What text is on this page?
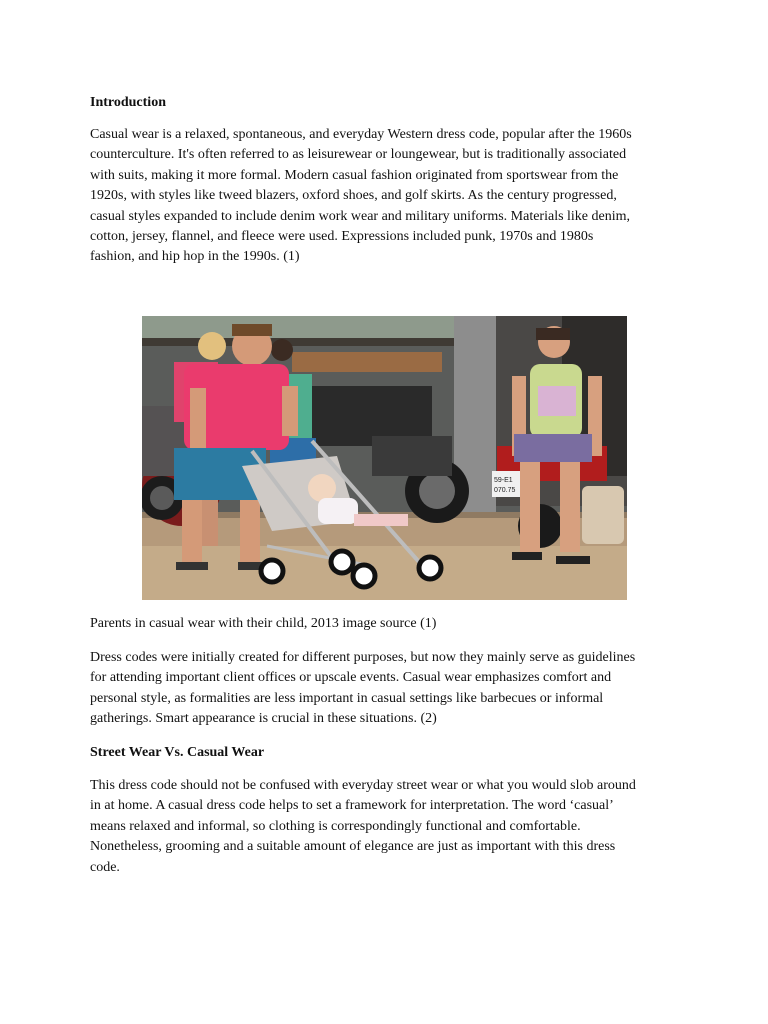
Introduction

Casual wear is a relaxed, spontaneous, and everyday Western dress code, popular after the 1960s
counterculture. It's often referred to as leisurewear or loungewear, but is traditionally associated
with suits, making it more formal. Modern casual fashion originated from sportswear from the
1920s, with styles like tweed blazers, oxford shoes, and golf skirts. As the century progressed,
casual styles expanded to include denim work wear and military uniforms. Materials like denim,
cotton, jersey, flannel, and fleece were used. Expressions included punk, 1970s and 1980s
fashion, and hip hop in the 1990s. (1)

59-E1
070.75

Parents in casual wear with their child, 2013 image source (1)

Dress codes were initially created for different purposes, but now they mainly serve as guidelines
for attending important client offices or upscale events. Casual wear emphasizes comfort and
personal style, as formalities are less important in casual settings like barbecues or informal
gatherings. Smart appearance is crucial in these situations. (2)

Street Wear Vs. Casual Wear

This dress code should not be confused with everyday street wear or what you would slob around
in at home. A casual dress code helps to set a framework for interpretation. The word ‘casual’
means relaxed and informal, so clothing is correspondingly functional and comfortable.
Nonetheless, grooming and a suitable amount of elegance are just as important with this dress
code.
